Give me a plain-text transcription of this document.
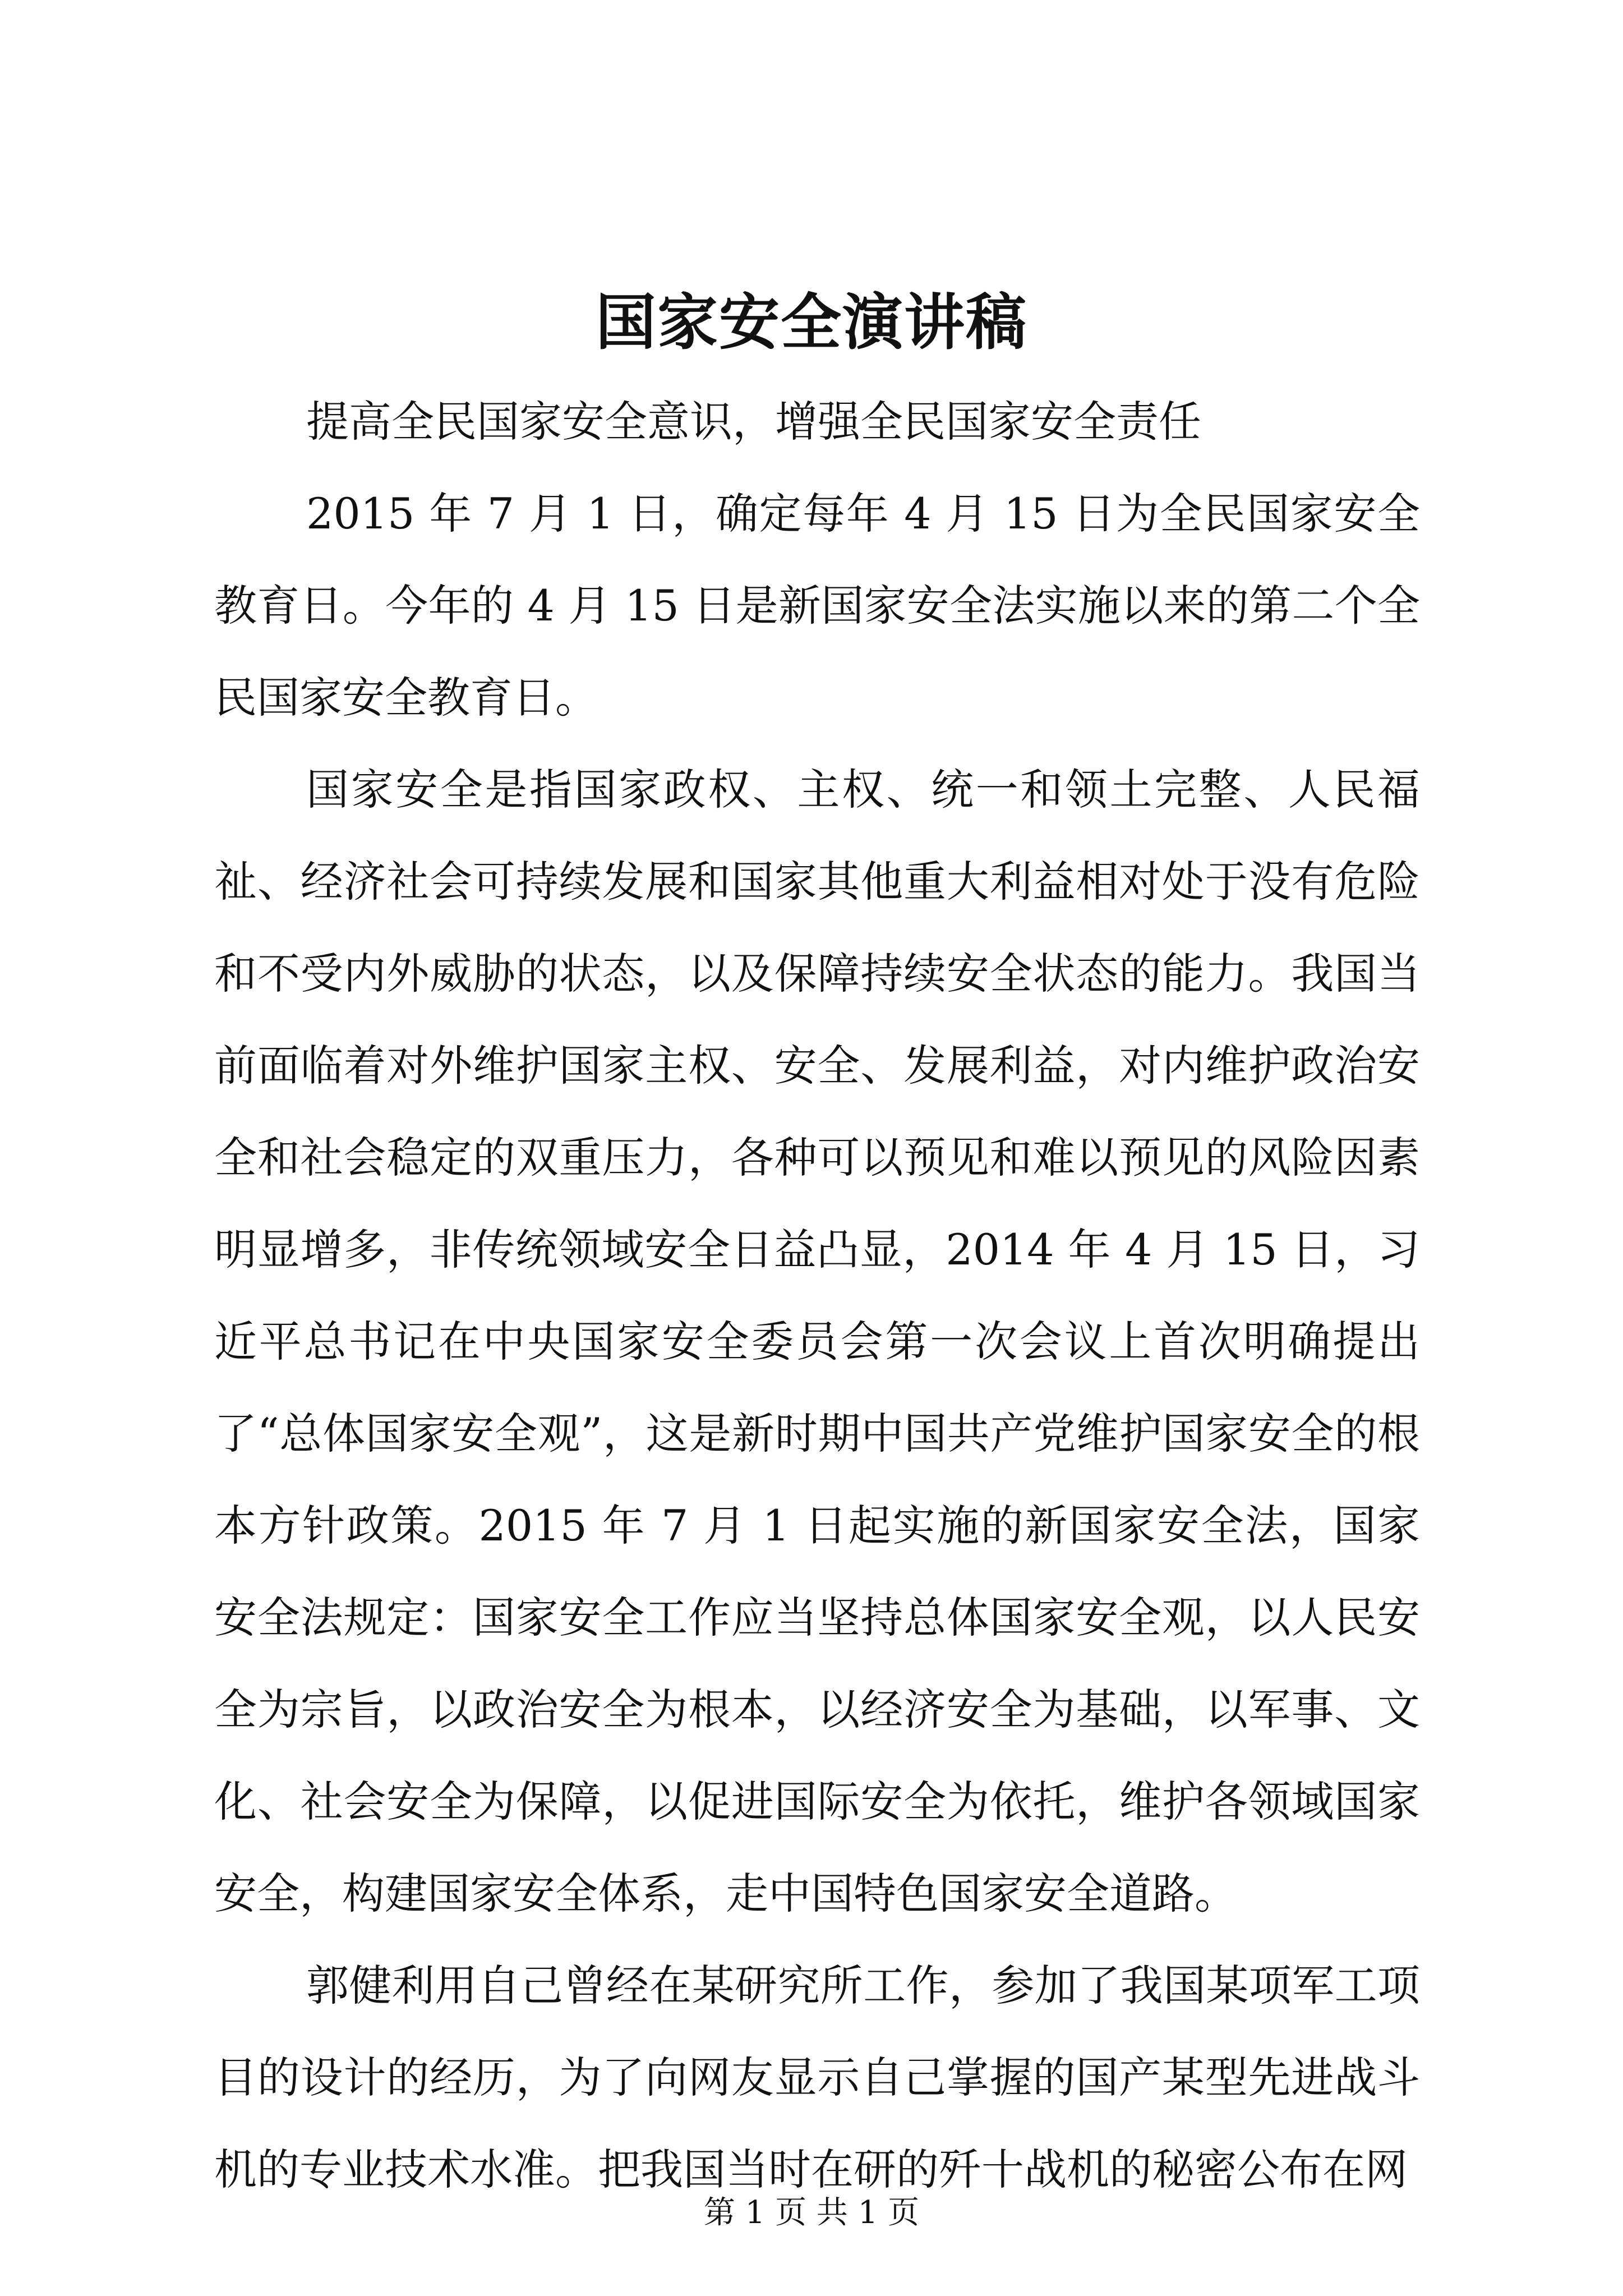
国家安全演讲稿

提高全民国家安全意识，增强全民国家安全责任

2015 年 7 月 1 日，确定每年 4 月 15 日为全民国家安全教育日。今年的 4 月 15 日是新国家安全法实施以来的第二个全民国家安全教育日。

国家安全是指国家政权、主权、统一和领土完整、人民福祉、经济社会可持续发展和国家其他重大利益相对处于没有危险和不受内外威胁的状态，以及保障持续安全状态的能力。我国当前面临着对外维护国家主权、安全、发展利益，对内维护政治安全和社会稳定的双重压力，各种可以预见和难以预见的风险因素明显增多，非传统领域安全日益凸显，2014 年 4 月 15 日，习近平总书记在中央国家安全委员会第一次会议上首次明确提出了“总体国家安全观”，这是新时期中国共产党维护国家安全的根本方针政策。2015 年 7 月 1 日起实施的新国家安全法，国家安全法规定：国家安全工作应当坚持总体国家安全观，以人民安全为宗旨，以政治安全为根本，以经济安全为基础，以军事、文化、社会安全为保障，以促进国际安全为依托，维护各领域国家安全，构建国家安全体系，走中国特色国家安全道路。

郭健利用自己曾经在某研究所工作，参加了我国某项军工项目的设计的经历，为了向网友显示自己掌握的国产某型先进战斗机的专业技术水准。把我国当时在研的歼十战机的秘密公布在网

第 1 页 共 1 页
